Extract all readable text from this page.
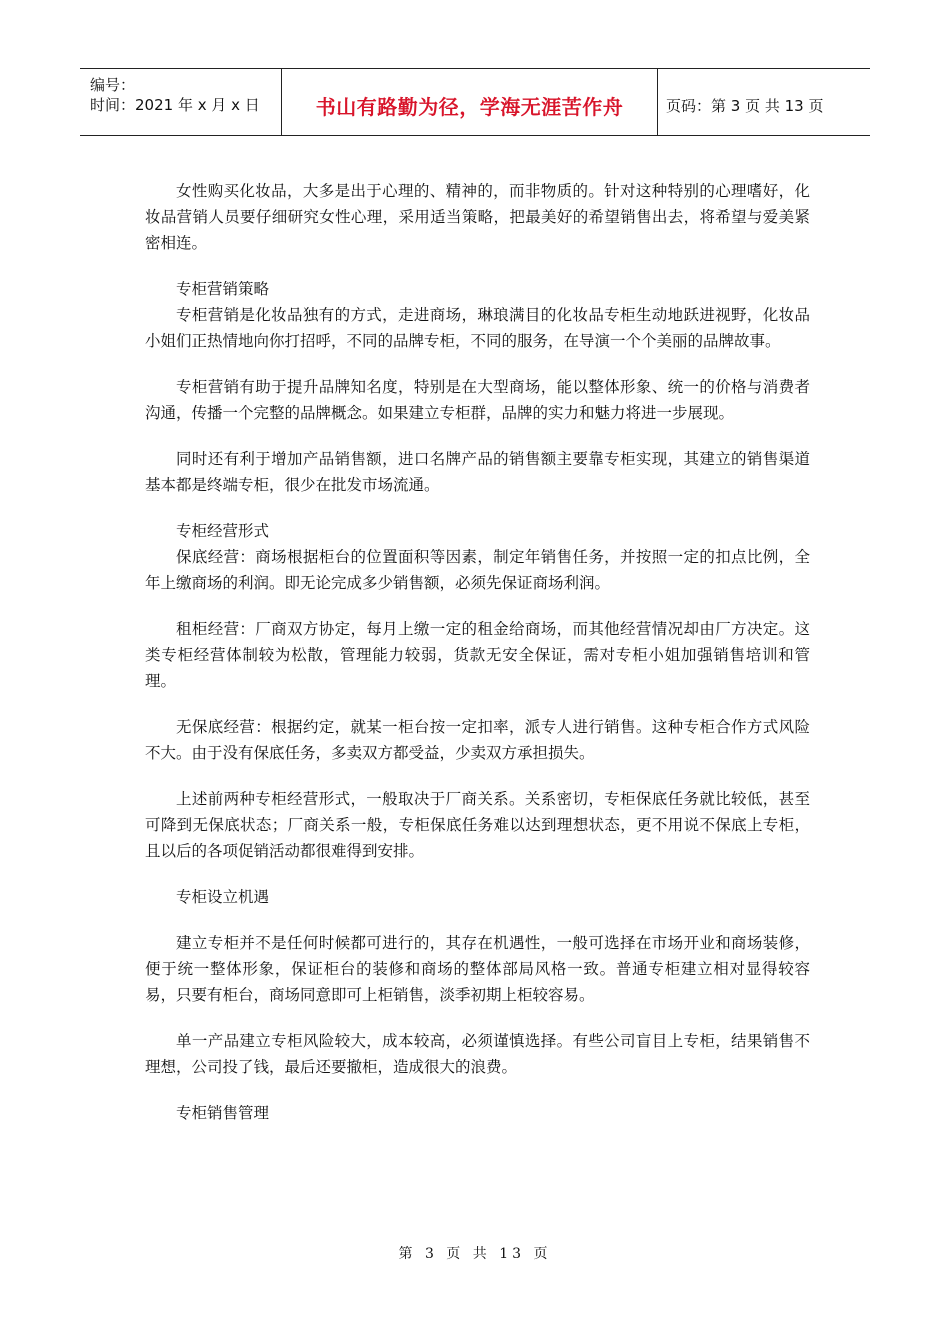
编号：
时间：2021 年 x 月 x 日	书山有路勤为径，学海无涯苦作舟	页码：第 3 页 共 13 页

女性购买化妆品，大多是出于心理的、精神的，而非物质的。针对这种特别的心理嗜好，化妆品营销人员要仔细研究女性心理，采用适当策略，把最美好的希望销售出去，将希望与爱美紧密相连。

专柜营销策略

专柜营销是化妆品独有的方式，走进商场，琳琅满目的化妆品专柜生动地跃进视野，化妆品小姐们正热情地向你打招呼，不同的品牌专柜，不同的服务，在导演一个个美丽的品牌故事。

专柜营销有助于提升品牌知名度，特别是在大型商场，能以整体形象、统一的价格与消费者沟通，传播一个完整的品牌概念。如果建立专柜群，品牌的实力和魅力将进一步展现。

同时还有利于增加产品销售额，进口名牌产品的销售额主要靠专柜实现，其建立的销售渠道基本都是终端专柜，很少在批发市场流通。

专柜经营形式

保底经营：商场根据柜台的位置面积等因素，制定年销售任务，并按照一定的扣点比例，全年上缴商场的利润。即无论完成多少销售额，必须先保证商场利润。

租柜经营：厂商双方协定，每月上缴一定的租金给商场，而其他经营情况却由厂方决定。这类专柜经营体制较为松散，管理能力较弱，货款无安全保证，需对专柜小姐加强销售培训和管理。

无保底经营：根据约定，就某一柜台按一定扣率，派专人进行销售。这种专柜合作方式风险不大。由于没有保底任务，多卖双方都受益，少卖双方承担损失。

上述前两种专柜经营形式，一般取决于厂商关系。关系密切，专柜保底任务就比较低，甚至可降到无保底状态；厂商关系一般，专柜保底任务难以达到理想状态，更不用说不保底上专柜，且以后的各项促销活动都很难得到安排。

专柜设立机遇

建立专柜并不是任何时候都可进行的，其存在机遇性，一般可选择在市场开业和商场装修，便于统一整体形象，保证柜台的装修和商场的整体部局风格一致。普通专柜建立相对显得较容易，只要有柜台，商场同意即可上柜销售，淡季初期上柜较容易。

单一产品建立专柜风险较大，成本较高，必须谨慎选择。有些公司盲目上专柜，结果销售不理想，公司投了钱，最后还要撤柜，造成很大的浪费。

专柜销售管理

第 3 页 共 13 页
